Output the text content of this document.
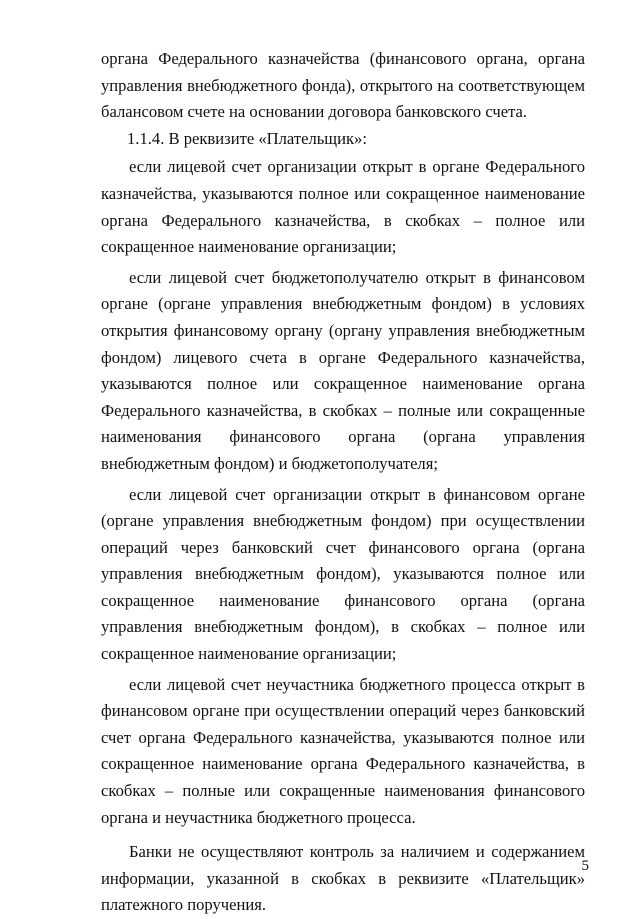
органа Федерального казначейства (финансового органа, органа управления внебюджетного фонда), открытого на соответствующем балансовом счете на основании договора банковского счета.

1.1.4. В реквизите «Плательщик»:

если лицевой счет организации открыт в органе Федерального казначейства, указываются полное или сокращенное наименование органа Федерального казначейства, в скобках – полное или сокращенное наименование организации;

если лицевой счет бюджетополучателю открыт в финансовом органе (органе управления внебюджетным фондом) в условиях открытия финансовому органу (органу управления внебюджетным фондом) лицевого счета в органе Федерального казначейства, указываются полное или сокращенное наименование органа Федерального казначейства, в скобках – полные или сокращенные наименования финансового органа (органа управления внебюджетным фондом) и бюджетополучателя;

если лицевой счет организации открыт в финансовом органе (органе управления внебюджетным фондом) при осуществлении операций через банковский счет финансового органа (органа управления внебюджетным фондом), указываются полное или сокращенное наименование финансового органа (органа управления внебюджетным фондом), в скобках – полное или сокращенное наименование организации;

если лицевой счет неучастника бюджетного процесса открыт в финансовом органе при осуществлении операций через банковский счет органа Федерального казначейства, указываются полное или сокращенное наименование органа Федерального казначейства, в скобках – полные или сокращенные наименования финансового органа и неучастника бюджетного процесса.

Банки не осуществляют контроль за наличием и содержанием информации, указанной в скобках в реквизите «Плательщик» платежного поручения.

5
